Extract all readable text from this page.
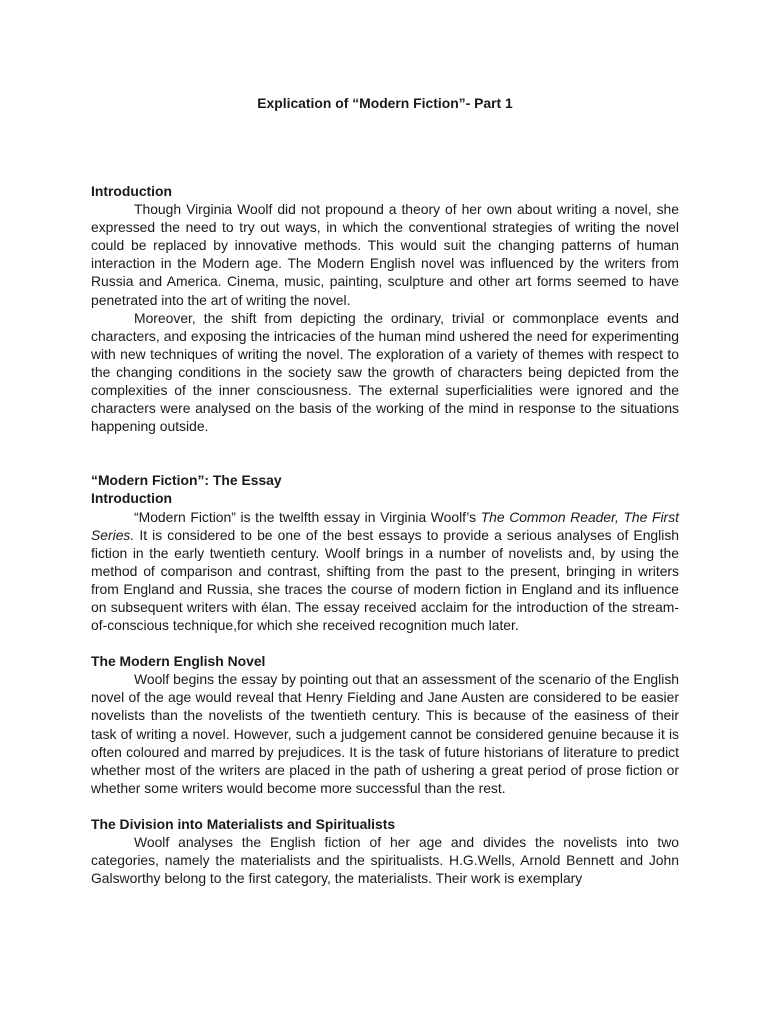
Explication of “Modern Fiction”- Part 1
Introduction

Though Virginia Woolf did not propound a theory of her own about writing a novel, she expressed the need to try out ways, in which the conventional strategies of writing the novel could be replaced by innovative methods. This would suit the changing patterns of human interaction in the Modern age. The Modern English novel was influenced by the writers from Russia and America. Cinema, music, painting, sculpture and other art forms seemed to have penetrated into the art of writing the novel.

Moreover, the shift from depicting the ordinary, trivial or commonplace events and characters, and exposing the intricacies of the human mind ushered the need for experimenting with new techniques of writing the novel. The exploration of a variety of themes with respect to the changing conditions in the society saw the growth of characters being depicted from the complexities of the inner consciousness. The external superficialities were ignored and the characters were analysed on the basis of the working of the mind in response to the situations happening outside.

“Modern Fiction”: The Essay
Introduction

“Modern Fiction” is the twelfth essay in Virginia Woolf’s The Common Reader, The First Series. It is considered to be one of the best essays to provide a serious analyses of English fiction in the early twentieth century. Woolf brings in a number of novelists and, by using the method of comparison and contrast, shifting from the past to the present, bringing in writers from England and Russia, she traces the course of modern fiction in England and its influence on subsequent writers with élan. The essay received acclaim for the introduction of the stream-of-conscious technique,for which she received recognition much later.

The Modern English Novel

Woolf begins the essay by pointing out that an assessment of the scenario of the English novel of the age would reveal that Henry Fielding and Jane Austen are considered to be easier novelists than the novelists of the twentieth century. This is because of the easiness of their task of writing a novel. However, such a judgement cannot be considered genuine because it is often coloured and marred by prejudices. It is the task of future historians of literature to predict whether most of the writers are placed in the path of ushering a great period of prose fiction or whether some writers would become more successful than the rest.

The Division into Materialists and Spiritualists

Woolf analyses the English fiction of her age and divides the novelists into two categories, namely the materialists and the spiritualists. H.G.Wells, Arnold Bennett and John Galsworthy belong to the first category, the materialists. Their work is exemplary
